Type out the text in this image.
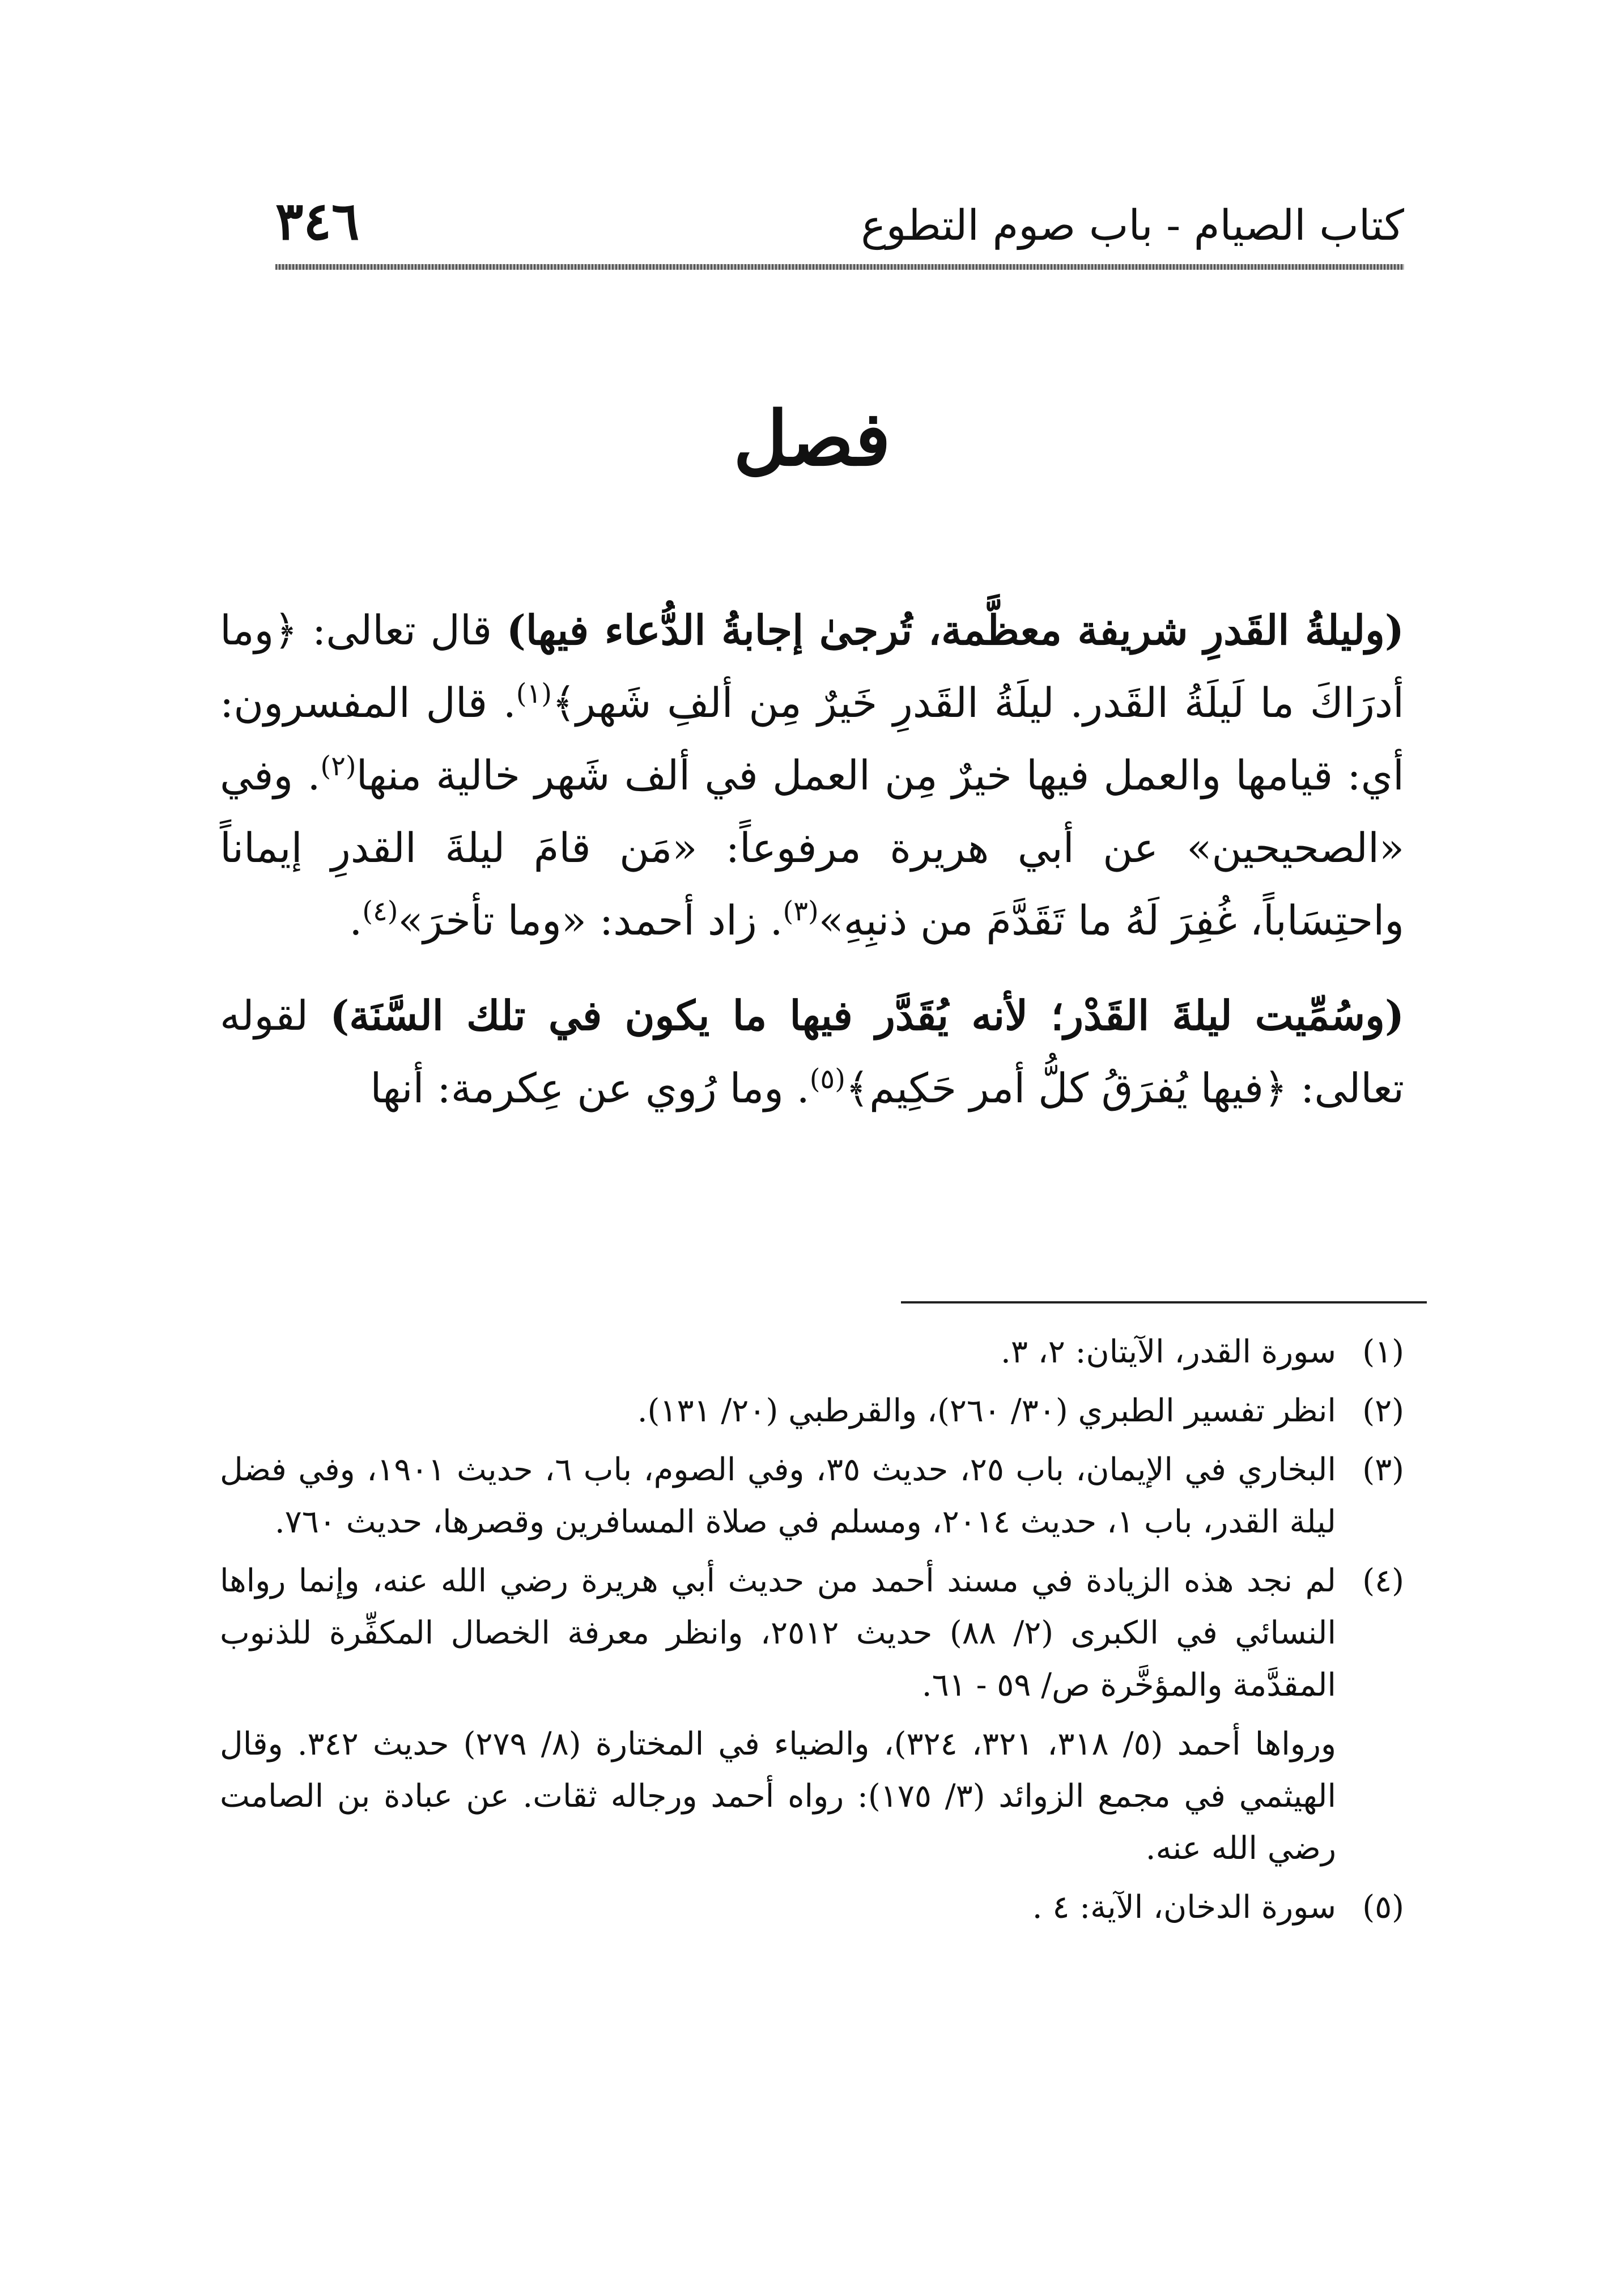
كتاب الصيام - باب صوم التطوع
٣٤٦
فصل

(وليلةُ القَدرِ شريفة معظَّمة، تُرجىٰ إجابةُ الدُّعاء فيها) قال تعالى: ﴿وما أدرَاكَ ما لَيلَةُ القَدر. ليلَةُ القَدرِ خَيرٌ مِن ألفِ شَهر﴾$^{(١)}$. قال المفسرون: أي: قيامها والعمل فيها خيرٌ مِن العمل في ألف شَهر خالية منها$^{(٢)}$. وفي «الصحيحين» عن أبي هريرة مرفوعاً: «مَن قامَ ليلةَ القدرِ إيماناً واحتِسَاباً، غُفِرَ لَهُ ما تَقَدَّمَ من ذنبِهِ»$^{(٣)}$. زاد أحمد: «وما تأخرَ»$^{(٤)}$.

(وسُمِّيت ليلةَ القَدْر؛ لأنه يُقَدَّر فيها ما يكون في تلك السَّنَة) لقوله تعالى: ﴿فيها يُفرَقُ كلُّ أمر حَكِيم﴾$^{(٥)}$. وما رُوي عن عِكرمة: أنها

(١)
سورة القدر، الآيتان: ٢، ٣.
(٢)
انظر تفسير الطبري (٣٠/ ٢٦٠)، والقرطبي (٢٠/ ١٣١).
(٣)
البخاري في الإيمان، باب ٢٥، حديث ٣٥، وفي الصوم، باب ٦، حديث ١٩٠١، وفي فضل ليلة القدر، باب ١، حديث ٢٠١٤، ومسلم في صلاة المسافرين وقصرها، حديث ٧٦٠.
(٤)
لم نجد هذه الزيادة في مسند أحمد من حديث أبي هريرة رضي الله عنه، وإنما رواها النسائي في الكبرى (٢/ ٨٨) حديث ٢٥١٢، وانظر معرفة الخصال المكفِّرة للذنوب المقدَّمة والمؤخَّرة ص/ ٥٩ - ٦١.
ورواها أحمد (٥/ ٣١٨، ٣٢١، ٣٢٤)، والضياء في المختارة (٨/ ٢٧٩) حديث ٣٤٢. وقال الهيثمي في مجمع الزوائد (٣/ ١٧٥): رواه أحمد ورجاله ثقات. عن عبادة بن الصامت رضي الله عنه.
(٥)
سورة الدخان، الآية: ٤ .
